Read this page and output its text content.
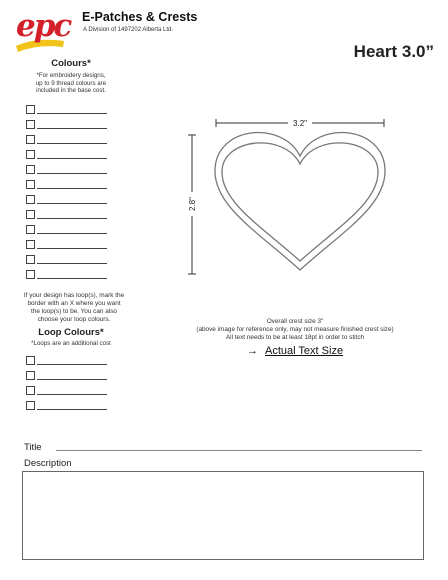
epc E-Patches & Crests
A Division of 1497202 Alberta Ltd.
Heart 3.0”
Colours*
*For embroidery designs,
up to 9 thread colours are
included in the base cost.
If your design has loop(s), mark the
border with an X where you want
the loop(s) to be. You can also
choose your loop colours.
Loop Colours*
*Loops are an additional cost
3.2"
2.8"
Overall crest size 3"
(above image for reference only, may not measure finished crest size)
All text needs to be at least 18pt in order to stitch
→ Actual Text Size
Title
Description
